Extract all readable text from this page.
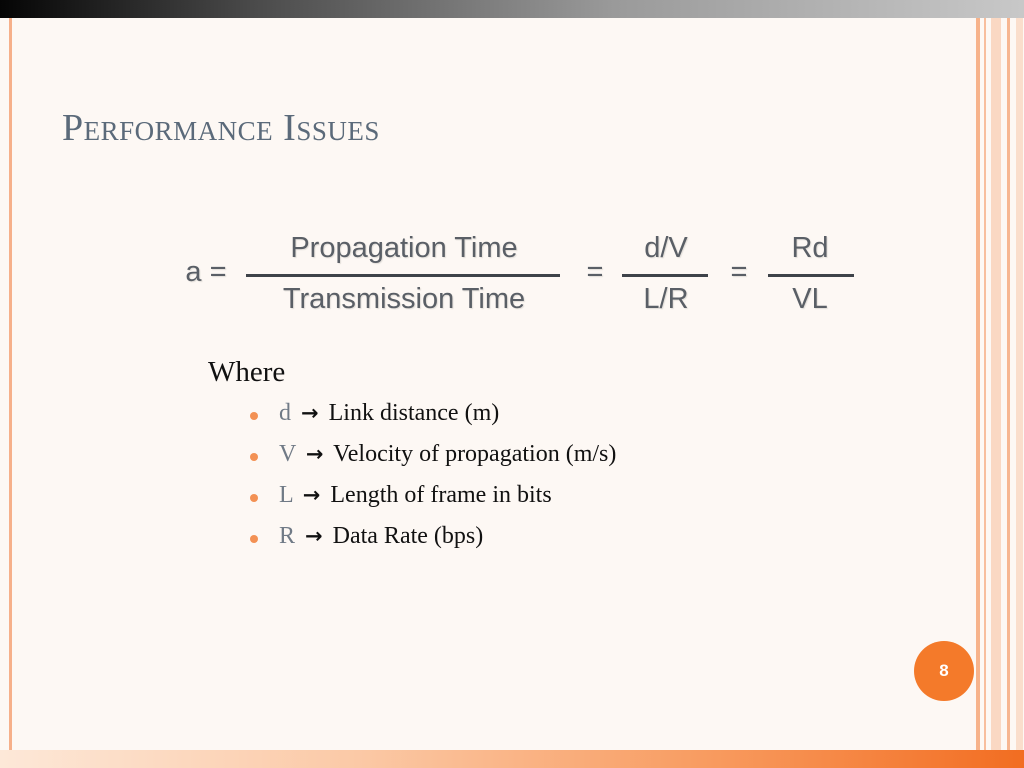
Performance Issues
a =
Propagation Time
Transmission Time
=
d/V
L/R
=
Rd
VL
Where
d → Link distance (m)
V → Velocity of propagation (m/s)
L → Length of frame in bits
R → Data Rate (bps)
8
